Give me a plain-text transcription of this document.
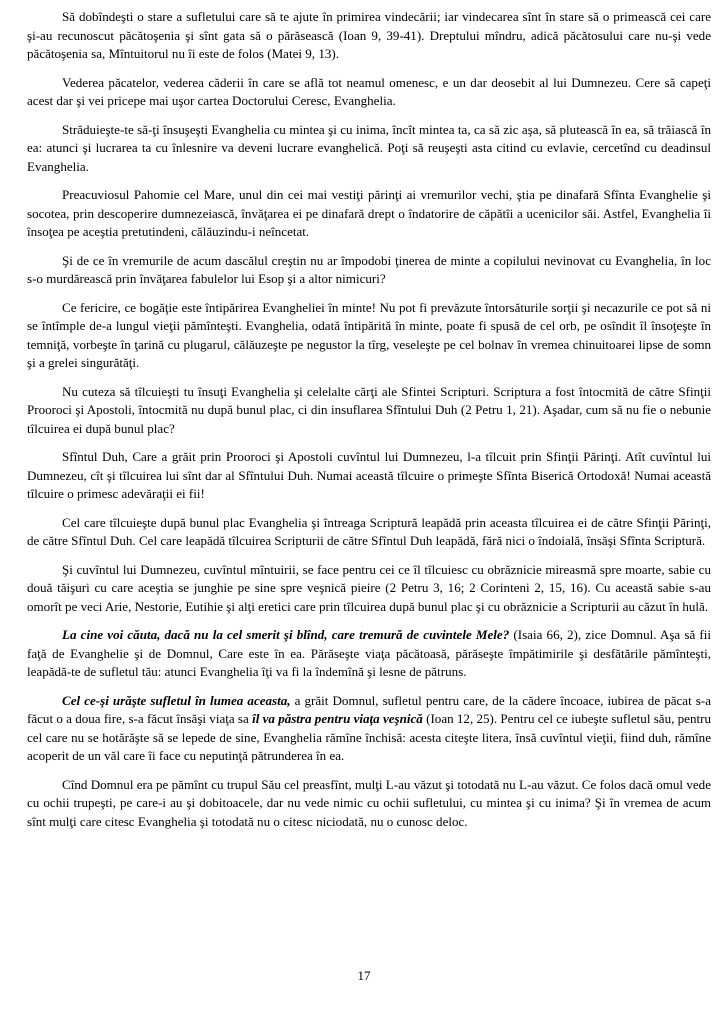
Să dobîndeşti o stare a sufletului care să te ajute în primirea vindecării; iar vindecarea sînt în stare să o primească cei care şi-au recunoscut păcătoşenia şi sînt gata să o părăsească (Ioan 9, 39-41). Dreptului mîndru, adică păcătosului care nu-şi vede păcătoşenia sa, Mîntuitorul nu îi este de folos (Matei 9, 13).

Vederea păcatelor, vederea căderii în care se află tot neamul omenesc, e un dar deosebit al lui Dumnezeu. Cere să capeţi acest dar şi vei pricepe mai uşor cartea Doctorului Ceresc, Evanghelia.

Străduieşte-te să-ţi însuşeşti Evanghelia cu mintea şi cu inima, încît mintea ta, ca să zic aşa, să plutească în ea, să trăiască în ea: atunci şi lucrarea ta cu înlesnire va deveni lucrare evanghelică. Poţi să reuşeşti asta citind cu evlavie, cercetînd cu deadinsul Evanghelia.

Preacuviosul Pahomie cel Mare, unul din cei mai vestiţi părinţi ai vremurilor vechi, ştia pe dinafară Sfînta Evanghelie şi socotea, prin descoperire dumnezeiască, învăţarea ei pe dinafară drept o îndatorire de căpătîi a ucenicilor săi. Astfel, Evanghelia îi însoţea pe aceştia pretutindeni, călăuzindu-i neîncetat.

Şi de ce în vremurile de acum dascălul creştin nu ar împodobi ţinerea de minte a copilului nevinovat cu Evanghelia, în loc s-o murdărească prin învăţarea fabulelor lui Esop şi a altor nimicuri?

Ce fericire, ce bogăţie este întipărirea Evangheliei în minte! Nu pot fi prevăzute întorsăturile sorţii şi necazurile ce pot să ni se întîmple de-a lungul vieţii pămînteşti. Evanghelia, odată întipărită în minte, poate fi spusă de cel orb, pe osîndit îl însoţeşte în temniţă, vorbeşte în ţarină cu plugarul, călăuzeşte pe negustor la tîrg, veseleşte pe cel bolnav în vremea chinuitoarei lipse de somn şi a grelei singurătăţi.

Nu cuteza să tîlcuieşti tu însuţi Evanghelia şi celelalte cărţi ale Sfintei Scripturi. Scriptura a fost întocmită de către Sfinţii Prooroci şi Apostoli, întocmită nu după bunul plac, ci din insuflarea Sfîntului Duh (2 Petru 1, 21). Aşadar, cum să nu fie o nebunie tîlcuirea ei după bunul plac?

Sfîntul Duh, Care a grăit prin Prooroci şi Apostoli cuvîntul lui Dumnezeu, l-a tîlcuit prin Sfinţii Părinţi. Atît cuvîntul lui Dumnezeu, cît şi tîlcuirea lui sînt dar al Sfîntului Duh. Numai această tîlcuire o primeşte Sfînta Biserică Ortodoxă! Numai această tîlcuire o primesc adevăraţii ei fii!

Cel care tîlcuieşte după bunul plac Evanghelia şi întreaga Scriptură leapădă prin aceasta tîlcuirea ei de către Sfinţii Părinţi, de către Sfîntul Duh. Cel care leapădă tîlcuirea Scripturii de către Sfîntul Duh leapădă, fără nici o îndoială, însăşi Sfînta Scriptură.

Şi cuvîntul lui Dumnezeu, cuvîntul mîntuirii, se face pentru cei ce îl tîlcuiesc cu obrăznicie mireasmă spre moarte, sabie cu două tăişuri cu care aceştia se junghie pe sine spre veşnică pieire (2 Petru 3, 16; 2 Corinteni 2, 15, 16). Cu această sabie s-au omorît pe veci Arie, Nestorie, Eutihie şi alţi eretici care prin tîlcuirea după bunul plac şi cu obrăznicie a Scripturii au căzut în hulă.

La cine voi căuta, dacă nu la cel smerit şi blînd, care tremură de cuvintele Mele? (Isaia 66, 2), zice Domnul. Aşa să fii faţă de Evanghelie şi de Domnul, Care este în ea. Părăseşte viaţa păcătoasă, părăseşte împătimirile şi desfătările pămînteşti, leapădă-te de sufletul tău: atunci Evanghelia îţi va fi la îndemînă şi lesne de pătruns.

Cel ce-şi urăşte sufletul în lumea aceasta, a grăit Domnul, sufletul pentru care, de la cădere încoace, iubirea de păcat s-a făcut o a doua fire, s-a făcut însăşi viaţa sa îl va păstra pentru viaţa veşnică (Ioan 12, 25). Pentru cel ce iubeşte sufletul său, pentru cel care nu se hotărăşte să se lepede de sine, Evanghelia rămîne închisă: acesta citeşte litera, însă cuvîntul vieţii, fiind duh, rămîne acoperit de un văl care îi face cu neputinţă pătrunderea în ea.

Cînd Domnul era pe pămînt cu trupul Său cel preasfînt, mulţi L-au văzut şi totodată nu L-au văzut. Ce folos dacă omul vede cu ochii trupeşti, pe care-i au şi dobitoacele, dar nu vede nimic cu ochii sufletului, cu mintea şi cu inima? Şi în vremea de acum sînt mulţi care citesc Evanghelia şi totodată nu o citesc niciodată, nu o cunosc deloc.

17
